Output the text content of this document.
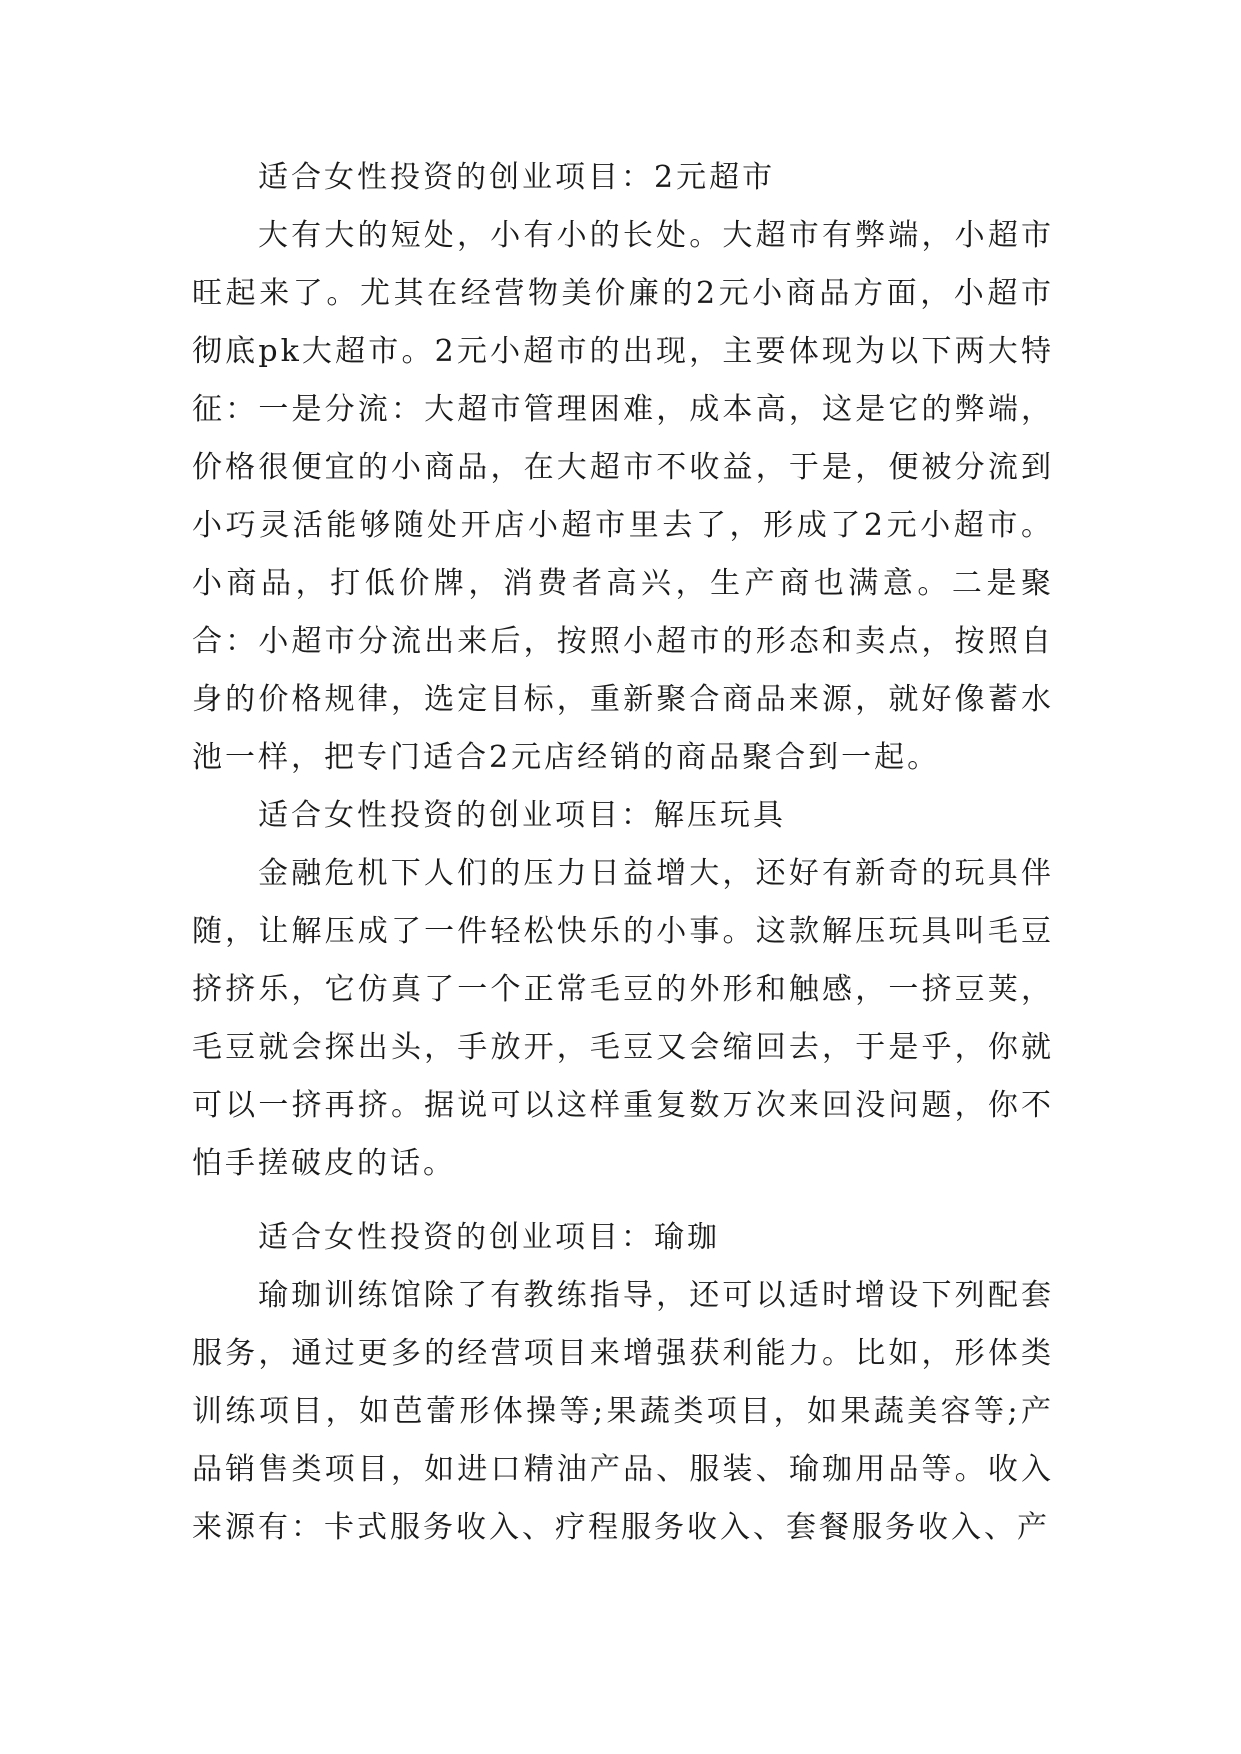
适合女性投资的创业项目：2元超市

大有大的短处，小有小的长处。大超市有弊端，小超市旺起来了。尤其在经营物美价廉的2元小商品方面，小超市彻底pk大超市。2元小超市的出现，主要体现为以下两大特征：一是分流：大超市管理困难，成本高，这是它的弊端，价格很便宜的小商品，在大超市不收益，于是，便被分流到小巧灵活能够随处开店小超市里去了，形成了2元小超市。小商品，打低价牌，消费者高兴，生产商也满意。二是聚合：小超市分流出来后，按照小超市的形态和卖点，按照自身的价格规律，选定目标，重新聚合商品来源，就好像蓄水池一样，把专门适合2元店经销的商品聚合到一起。

适合女性投资的创业项目：解压玩具

金融危机下人们的压力日益增大，还好有新奇的玩具伴随，让解压成了一件轻松快乐的小事。这款解压玩具叫毛豆挤挤乐，它仿真了一个正常毛豆的外形和触感，一挤豆荚，毛豆就会探出头，手放开，毛豆又会缩回去，于是乎，你就可以一挤再挤。据说可以这样重复数万次来回没问题，你不怕手搓破皮的话。

适合女性投资的创业项目：瑜珈

瑜珈训练馆除了有教练指导，还可以适时增设下列配套服务，通过更多的经营项目来增强获利能力。比如，形体类训练项目，如芭蕾形体操等;果蔬类项目，如果蔬美容等;产品销售类项目，如进口精油产品、服装、瑜珈用品等。收入来源有：卡式服务收入、疗程服务收入、套餐服务收入、产
